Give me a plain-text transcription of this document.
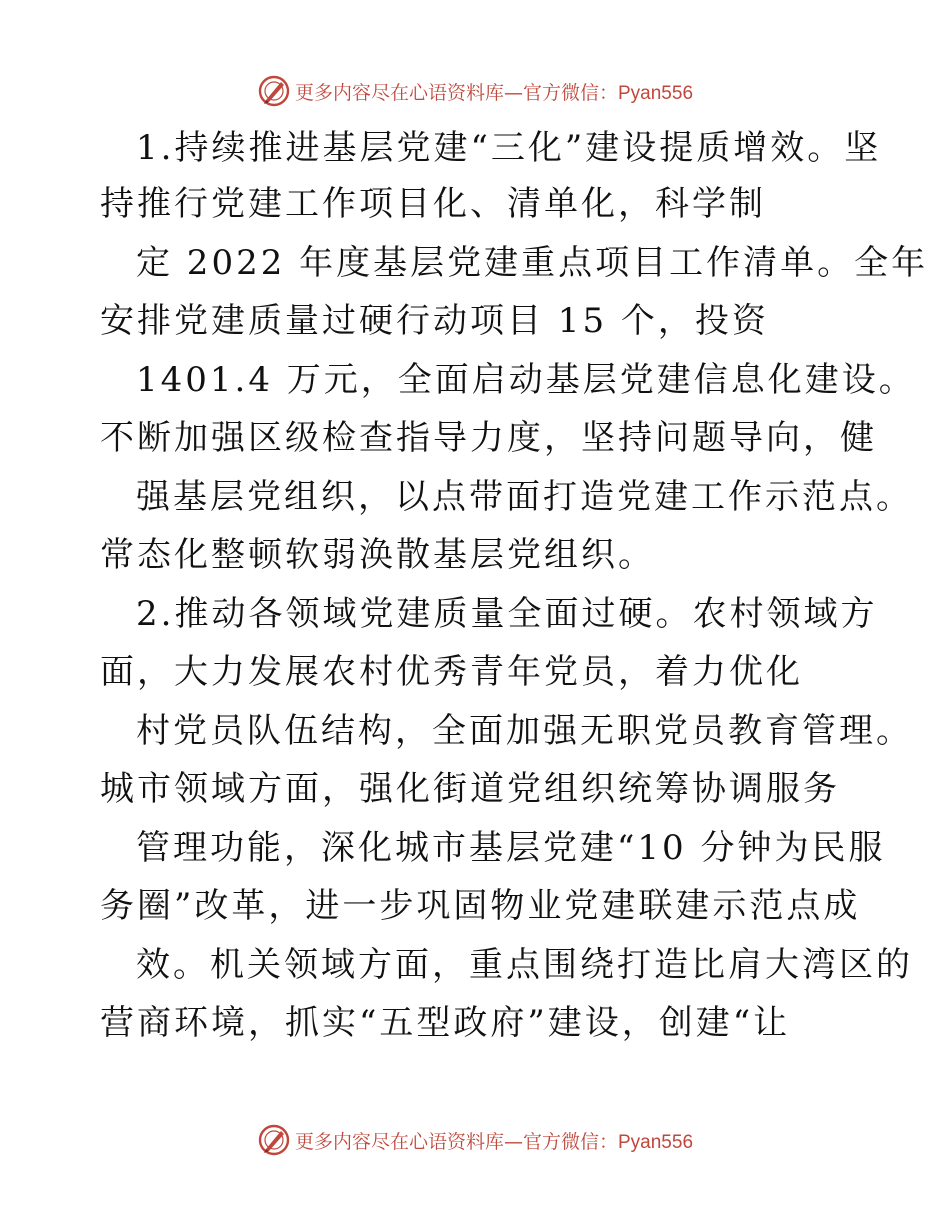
更多内容尽在心语资料库—官方微信：Pyan556
1.持续推进基层党建“三化”建设提质增效。坚
持推行党建工作项目化、清单化，科学制
定 2022 年度基层党建重点项目工作清单。全年
安排党建质量过硬行动项目 15 个，投资
1401.4 万元，全面启动基层党建信息化建设。
不断加强区级检查指导力度，坚持问题导向，健
强基层党组织，以点带面打造党建工作示范点。
常态化整顿软弱涣散基层党组织。
2.推动各领域党建质量全面过硬。农村领域方
面，大力发展农村优秀青年党员，着力优化
村党员队伍结构，全面加强无职党员教育管理。
城市领域方面，强化街道党组织统筹协调服务
管理功能，深化城市基层党建“10 分钟为民服
务圈”改革，进一步巩固物业党建联建示范点成
效。机关领域方面，重点围绕打造比肩大湾区的
营商环境，抓实“五型政府”建设，创建“让
更多内容尽在心语资料库—官方微信：Pyan556
